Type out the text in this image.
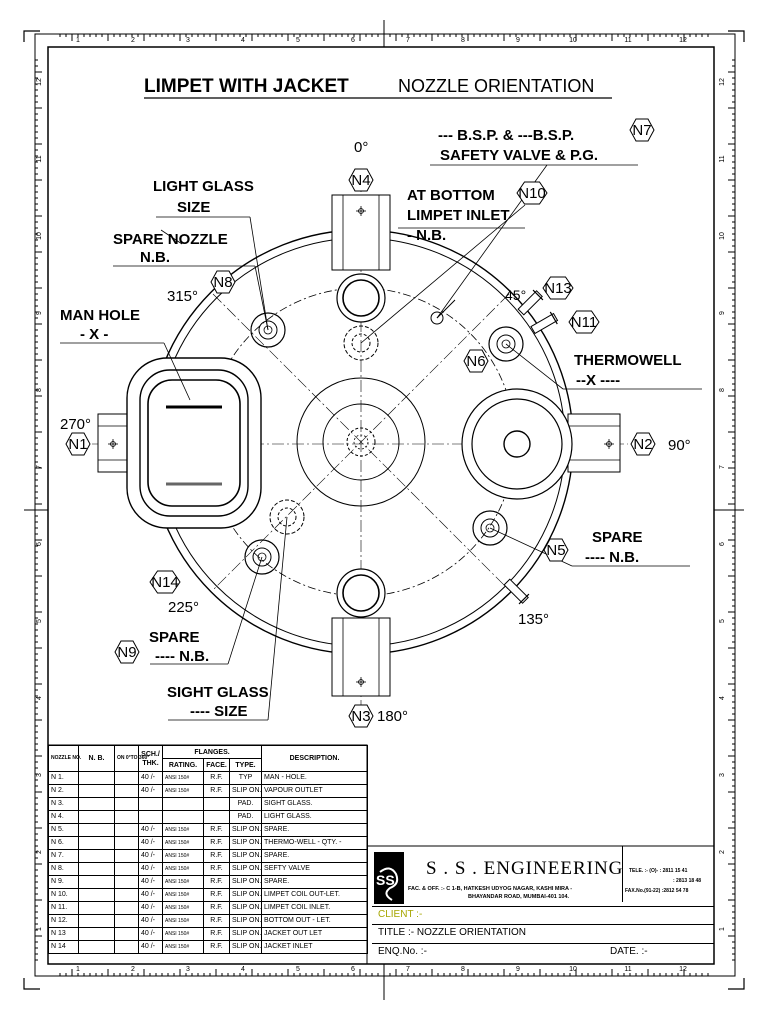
1
1
2
2
3
3
4
4
5
5
6
6
7
7
8
8
9
9
10
10
11
11
12
12
12	12
11	11
10	10
9	9
8	8
7	7
6	6
5	5
4	4
3	3
2	2
1	1
LIMPET WITH JACKET	NOZZLE ORIENTATION
N1	N2
N3
N4
N5
N6
N7
N8
N9
N10
N11
N13
N14
0°
45°
90°
135°
180°
225°
270°
315°
--- B.S.P. & ---B.S.P.
SAFETY VALVE & P.G.
LIGHT GLASS
SIZE
AT BOTTOM
LIMPET INLET
- N.B.
SPARE NOZZLE
N.B.
MAN HOLE
- X -
THERMOWELL
--X ----
SPARE
---- N.B.
SPARE
---- N.B.
SIGHT GLASS
---- SIZE
SS
NOZZLE NO.	N. B.	ON 0°TO 360°	SCH./ THK.	FLANGES.			DESCRIPTION.
				RATING.	FACE.	TYPE.	
N 1.			40 /-	ANSI 150#	R.F.	TYP	MAN - HOLE.
N 2.			40 /-	ANSI 150#	R.F.	SLIP ON.	VAPOUR OUTLET
N 3.						PAD.	SIGHT GLASS.
N 4.						PAD.	LIGHT GLASS.
N 5.			40 /-	ANSI 150#	R.F.	SLIP ON.	SPARE.
N 6.			40 /-	ANSI 150#	R.F.	SLIP ON.	THERMO-WELL - QTY. -
N 7.			40 /-	ANSI 150#	R.F.	SLIP ON.	SPARE.
N 8.			40 /-	ANSI 150#	R.F.	SLIP ON.	SEFTY VALVE
N 9.			40 /-	ANSI 150#	R.F.	SLIP ON.	SPARE.
N 10.			40 /-	ANSI 150#	R.F.	SLIP ON.	LIMPET COIL OUT-LET.
N 11.			40 /-	ANSI 150#	R.F.	SLIP ON.	LIMPET COIL INLET.
N 12.			40 /-	ANSI 150#	R.F.	SLIP ON.	BOTTOM OUT - LET.
N 13			40 /-	ANSI 150#	R.F.	SLIP ON.	JACKET OUT LET
N 14			40 /-	ANSI 150#	R.F.	SLIP ON.	JACKET INLET
S . S . ENGINEERING
FAC. & OFF. :- C 1-B, HATKESH UDYOG NAGAR, KASHI MIRA -
BHAYANDAR ROAD, MUMBAI-401 104.
TELE. :- (O)- : 2811 15 41
: 2813 18 48
FAX.No.(91-22) :2812 54 78
CLIENT :-
TITLE :- NOZZLE ORIENTATION
ENQ.No. :-	DATE. :-
